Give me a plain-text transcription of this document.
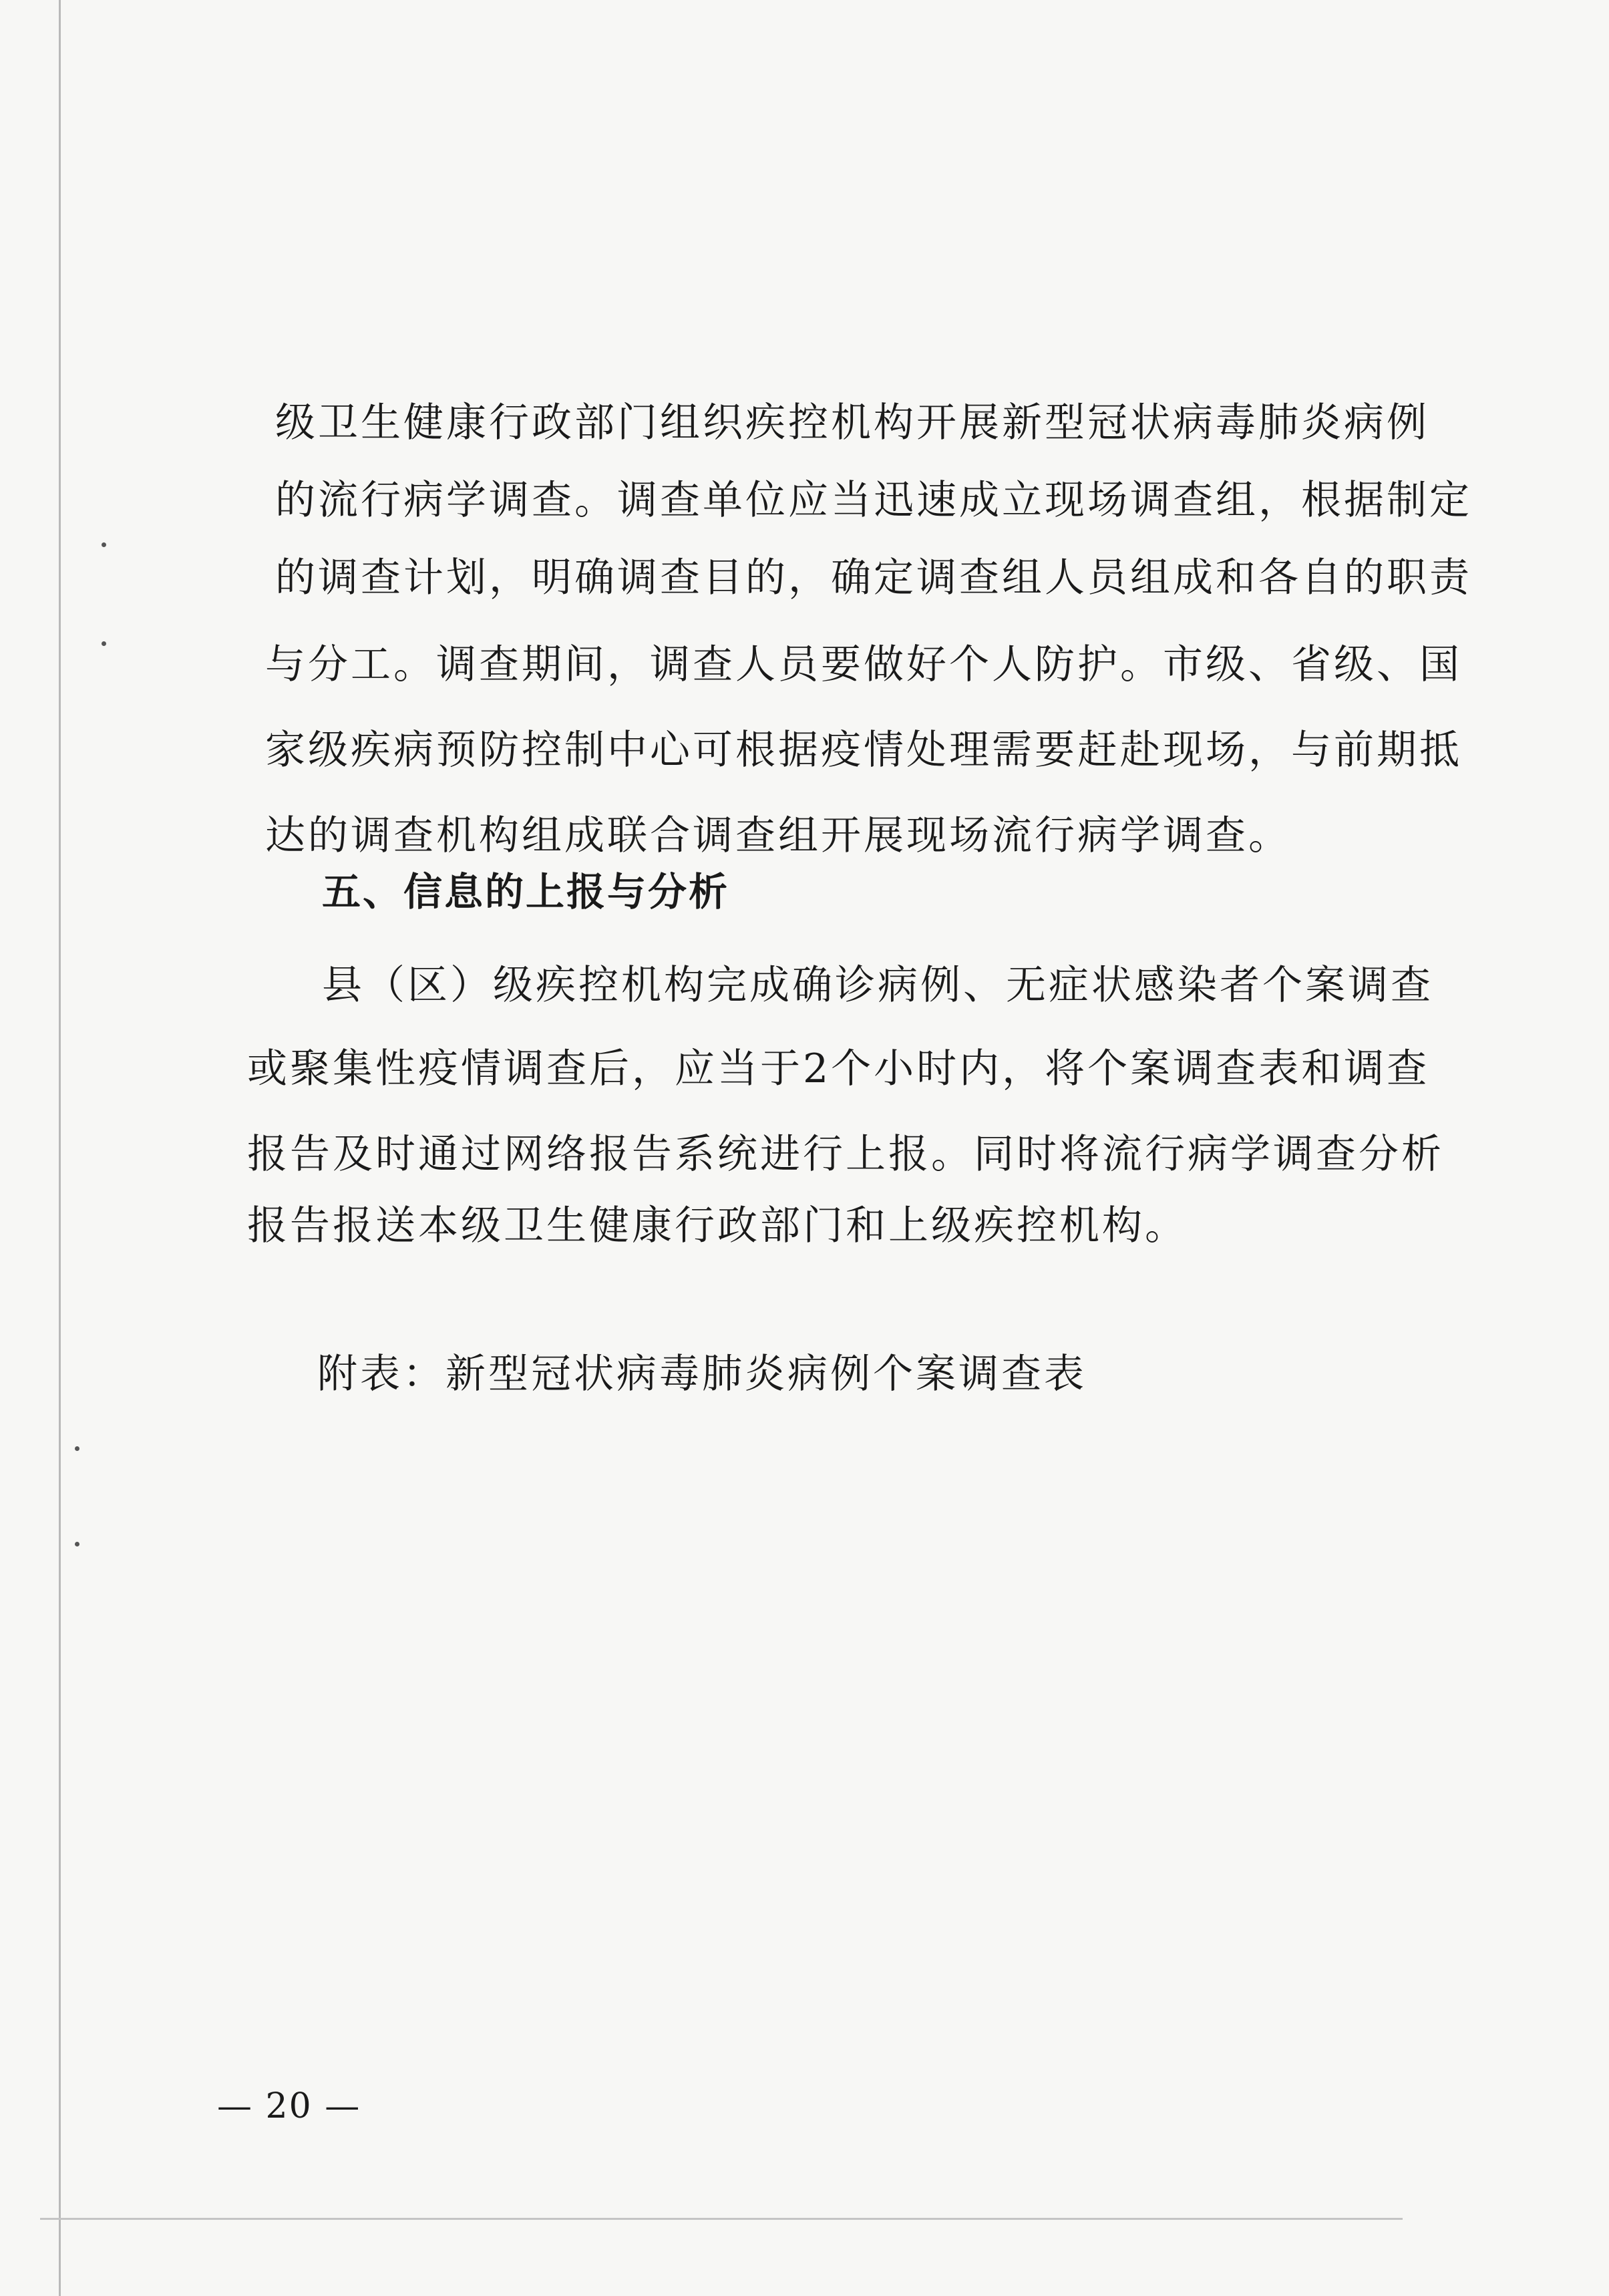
级卫生健康行政部门组织疾控机构开展新型冠状病毒肺炎病例
的流行病学调查。调查单位应当迅速成立现场调查组，根据制定
的调查计划，明确调查目的，确定调查组人员组成和各自的职责
与分工。调查期间，调查人员要做好个人防护。市级、省级、国
家级疾病预防控制中心可根据疫情处理需要赶赴现场，与前期抵
达的调查机构组成联合调查组开展现场流行病学调查。
五、信息的上报与分析
县（区）级疾控机构完成确诊病例、无症状感染者个案调查
或聚集性疫情调查后，应当于2个小时内，将个案调查表和调查
报告及时通过网络报告系统进行上报。同时将流行病学调查分析
报告报送本级卫生健康行政部门和上级疾控机构。
附表：新型冠状病毒肺炎病例个案调查表
— 20 —
